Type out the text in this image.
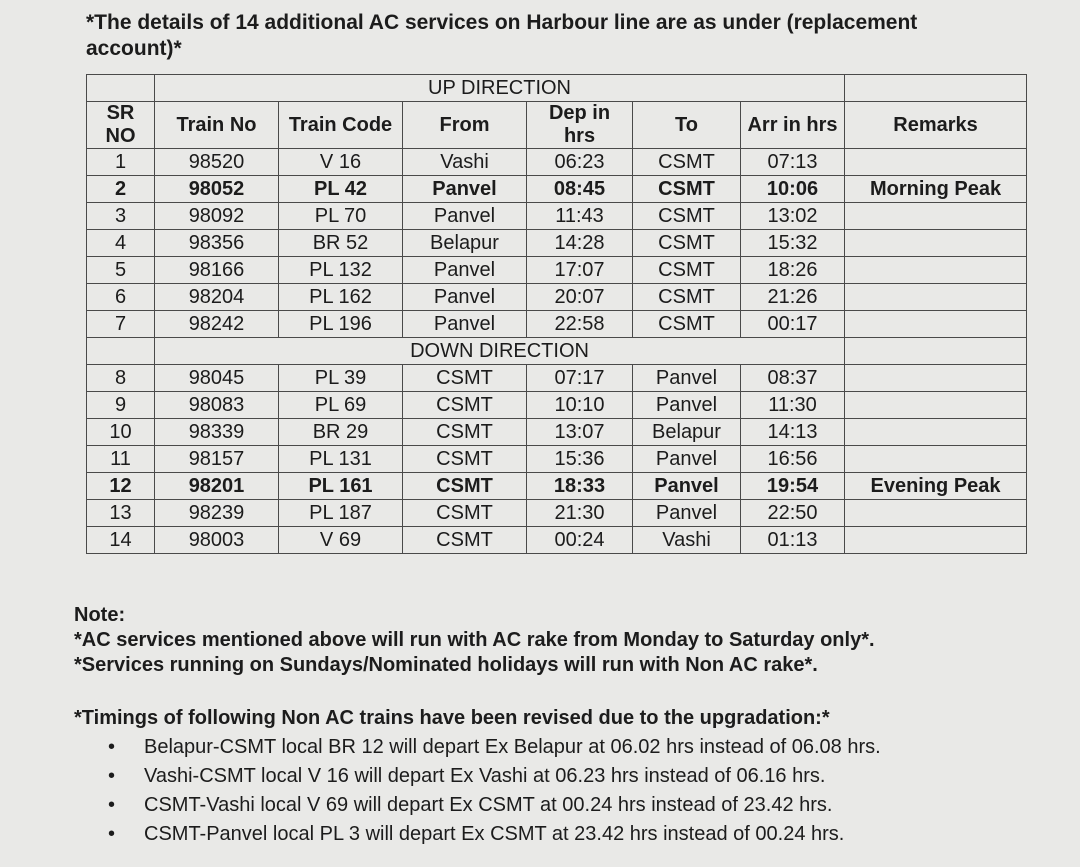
*The details of 14 additional AC services on Harbour line are as under (replacement account)*
	UP DIRECTION						
SR NO	Train No	Train Code	From	Dep in hrs	To	Arr in hrs	Remarks
1	98520	V 16	Vashi	06:23	CSMT	07:13	
2	98052	PL 42	Panvel	08:45	CSMT	10:06	Morning Peak
3	98092	PL 70	Panvel	11:43	CSMT	13:02	
4	98356	BR 52	Belapur	14:28	CSMT	15:32	
5	98166	PL 132	Panvel	17:07	CSMT	18:26	
6	98204	PL 162	Panvel	20:07	CSMT	21:26	
7	98242	PL 196	Panvel	22:58	CSMT	00:17	
	DOWN DIRECTION						
8	98045	PL 39	CSMT	07:17	Panvel	08:37	
9	98083	PL 69	CSMT	10:10	Panvel	11:30	
10	98339	BR 29	CSMT	13:07	Belapur	14:13	
11	98157	PL 131	CSMT	15:36	Panvel	16:56	
12	98201	PL 161	CSMT	18:33	Panvel	19:54	Evening Peak
13	98239	PL 187	CSMT	21:30	Panvel	22:50	
14	98003	V 69	CSMT	00:24	Vashi	01:13	
Note:
*AC services mentioned above will run with AC rake from Monday to Saturday only*.
*Services running on Sundays/Nominated holidays will run with Non AC rake*.
*Timings of following Non AC trains have been revised due to the upgradation:*
• Belapur-CSMT local BR 12 will depart Ex Belapur at 06.02 hrs instead of 06.08 hrs.
• Vashi-CSMT local V 16 will depart Ex Vashi at 06.23 hrs instead of 06.16 hrs.
• CSMT-Vashi local V 69 will depart Ex CSMT at 00.24 hrs instead of 23.42 hrs.
• CSMT-Panvel local PL 3 will depart Ex CSMT at 23.42 hrs instead of 00.24 hrs.
